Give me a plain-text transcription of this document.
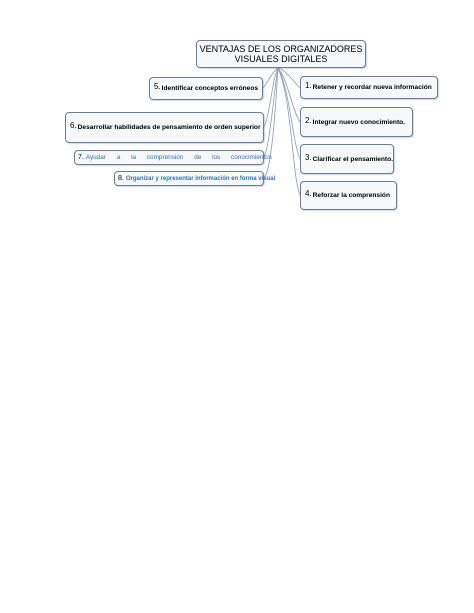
VENTAJAS DE LOS ORGANIZADORES VISUALES DIGITALES
1. Retener y recordar nueva información
2. Integrar nuevo conocimiento.
3. Clarificar el pensamiento.
4. Reforzar la comprensión
5. Identificar conceptos erróneos
6. Desarrollar habilidades de pensamiento de orden superior
7. Ayudar a la comprensión de los conocimientos
8. Organizar y representar información en forma visual
